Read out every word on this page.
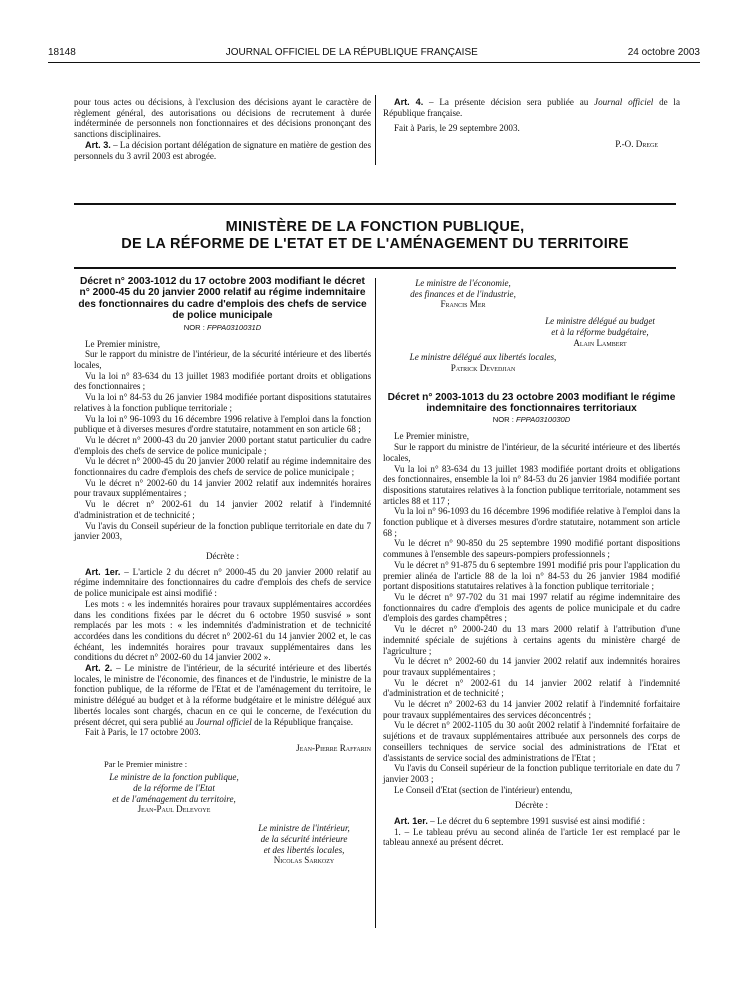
18148	JOURNAL OFFICIEL DE LA RÉPUBLIQUE FRANÇAISE	24 octobre 2003

pour tous actes ou décisions, à l'exclusion des décisions ayant le caractère de règlement général, des autorisations ou décisions de recrutement à durée indéterminée de personnels non fonctionnaires et des décisions prononçant des sanctions disciplinaires.

Art. 3. – La décision portant délégation de signature en matière de gestion des personnels du 3 avril 2003 est abrogée.

Art. 4. – La présente décision sera publiée au Journal officiel de la République française.

Fait à Paris, le 29 septembre 2003.

P.-O. Drege

MINISTÈRE DE LA FONCTION PUBLIQUE,
DE LA RÉFORME DE L'ETAT ET DE L'AMÉNAGEMENT DU TERRITOIRE
Décret n° 2003-1012 du 17 octobre 2003 modifiant le décret n° 2000-45 du 20 janvier 2000 relatif au régime indemnitaire des fonctionnaires du cadre d'emplois des chefs de service de police municipale
NOR : FPPA0310031D

Le Premier ministre,

Sur le rapport du ministre de l'intérieur, de la sécurité intérieure et des libertés locales,

Vu la loi n° 83-634 du 13 juillet 1983 modifiée portant droits et obligations des fonctionnaires ;

Vu la loi n° 84-53 du 26 janvier 1984 modifiée portant dispositions statutaires relatives à la fonction publique territoriale ;

Vu la loi n° 96-1093 du 16 décembre 1996 relative à l'emploi dans la fonction publique et à diverses mesures d'ordre statutaire, notamment en son article 68 ;

Vu le décret n° 2000-43 du 20 janvier 2000 portant statut particulier du cadre d'emplois des chefs de service de police municipale ;

Vu le décret n° 2000-45 du 20 janvier 2000 relatif au régime indemnitaire des fonctionnaires du cadre d'emplois des chefs de service de police municipale ;

Vu le décret n° 2002-60 du 14 janvier 2002 relatif aux indemnités horaires pour travaux supplémentaires ;

Vu le décret n° 2002-61 du 14 janvier 2002 relatif à l'indemnité d'administration et de technicité ;

Vu l'avis du Conseil supérieur de la fonction publique territoriale en date du 7 janvier 2003,

Décrète :

Art. 1er. – L'article 2 du décret n° 2000-45 du 20 janvier 2000 relatif au régime indemnitaire des fonctionnaires du cadre d'emplois des chefs de service de police municipale est ainsi modifié :

Les mots : « les indemnités horaires pour travaux supplémentaires accordées dans les conditions fixées par le décret du 6 octobre 1950 susvisé » sont remplacés par les mots : « les indemnités d'administration et de technicité accordées dans les conditions du décret n° 2002-61 du 14 janvier 2002 et, le cas échéant, les indemnités horaires pour travaux supplémentaires dans les conditions du décret n° 2002-60 du 14 janvier 2002 ».

Art. 2. – Le ministre de l'intérieur, de la sécurité intérieure et des libertés locales, le ministre de l'économie, des finances et de l'industrie, le ministre de la fonction publique, de la réforme de l'Etat et de l'aménagement du territoire, le ministre délégué au budget et à la réforme budgétaire et le ministre délégué aux libertés locales sont chargés, chacun en ce qui le concerne, de l'exécution du présent décret, qui sera publié au Journal officiel de la République française.

Fait à Paris, le 17 octobre 2003.

Jean-Pierre Raffarin

Par le Premier ministre :

Le ministre de la fonction publique,
de la réforme de l'Etat
et de l'aménagement du territoire,
Jean-Paul Delevoye
Le ministre de l'intérieur,
de la sécurité intérieure
et des libertés locales,
Nicolas Sarkozy
Le ministre de l'économie,
des finances et de l'industrie,
Francis Mer
Le ministre délégué au budget
et à la réforme budgétaire,
Alain Lambert
Le ministre délégué aux libertés locales,
Patrick Devedjian
Décret n° 2003-1013 du 23 octobre 2003 modifiant le régime indemnitaire des fonctionnaires territoriaux
NOR : FPPA0310030D

Le Premier ministre,

Sur le rapport du ministre de l'intérieur, de la sécurité intérieure et des libertés locales,

Vu la loi n° 83-634 du 13 juillet 1983 modifiée portant droits et obligations des fonctionnaires, ensemble la loi n° 84-53 du 26 janvier 1984 modifiée portant dispositions statutaires relatives à la fonction publique territoriale, notamment ses articles 88 et 117 ;

Vu la loi n° 96-1093 du 16 décembre 1996 modifiée relative à l'emploi dans la fonction publique et à diverses mesures d'ordre statutaire, notamment son article 68 ;

Vu le décret n° 90-850 du 25 septembre 1990 modifié portant dispositions communes à l'ensemble des sapeurs-pompiers professionnels ;

Vu le décret n° 91-875 du 6 septembre 1991 modifié pris pour l'application du premier alinéa de l'article 88 de la loi n° 84-53 du 26 janvier 1984 modifié portant dispositions statutaires relatives à la fonction publique territoriale ;

Vu le décret n° 97-702 du 31 mai 1997 relatif au régime indemnitaire des fonctionnaires du cadre d'emplois des agents de police municipale et du cadre d'emplois des gardes champêtres ;

Vu le décret n° 2000-240 du 13 mars 2000 relatif à l'attribution d'une indemnité spéciale de sujétions à certains agents du ministère chargé de l'agriculture ;

Vu le décret n° 2002-60 du 14 janvier 2002 relatif aux indemnités horaires pour travaux supplémentaires ;

Vu le décret n° 2002-61 du 14 janvier 2002 relatif à l'indemnité d'administration et de technicité ;

Vu le décret n° 2002-63 du 14 janvier 2002 relatif à l'indemnité forfaitaire pour travaux supplémentaires des services déconcentrés ;

Vu le décret n° 2002-1105 du 30 août 2002 relatif à l'indemnité forfaitaire de sujétions et de travaux supplémentaires attribuée aux personnels des corps de conseillers techniques de service social des administrations de l'Etat et d'assistants de service social des administrations de l'Etat ;

Vu l'avis du Conseil supérieur de la fonction publique territoriale en date du 7 janvier 2003 ;

Le Conseil d'Etat (section de l'intérieur) entendu,

Décrète :

Art. 1er. – Le décret du 6 septembre 1991 susvisé est ainsi modifié :

1. – Le tableau prévu au second alinéa de l'article 1er est remplacé par le tableau annexé au présent décret.
